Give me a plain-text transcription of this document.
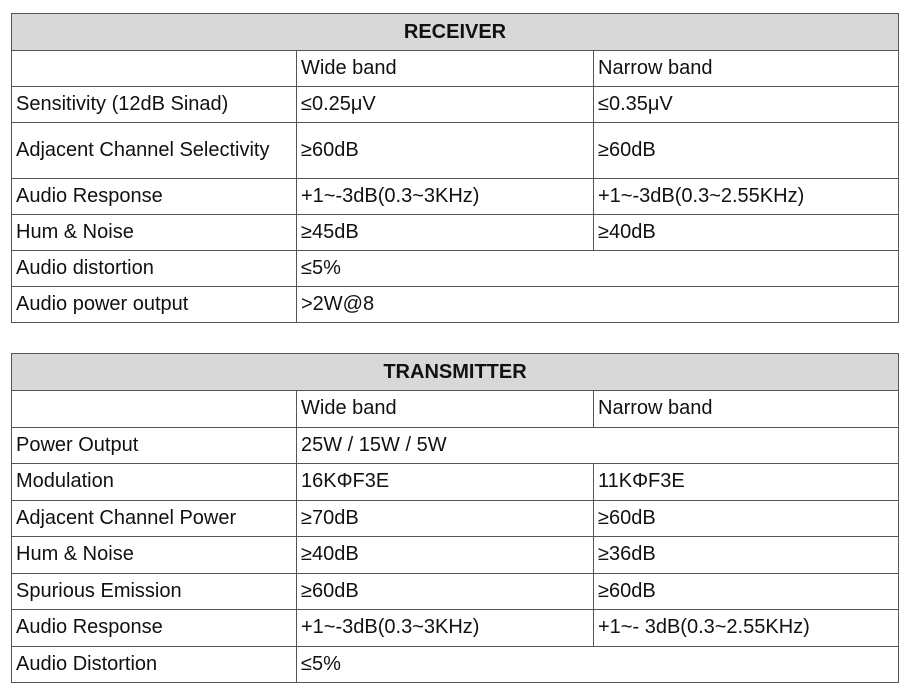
RECEIVER		
	Wide band	Narrow band
Sensitivity (12dB Sinad)	≤0.25μV	≤0.35μV
Adjacent Channel Selectivity	≥60dB	≥60dB
Audio Response	+1~-3dB(0.3~3KHz)	+1~-3dB(0.3~2.55KHz)
Hum & Noise	≥45dB	≥40dB
Audio distortion	≤5%	
Audio power output	>2W@8	
TRANSMITTER		
	Wide band	Narrow band
Power Output	25W / 15W / 5W	
Modulation	16KΦF3E	11KΦF3E
Adjacent Channel Power	≥70dB	≥60dB
Hum & Noise	≥40dB	≥36dB
Spurious Emission	≥60dB	≥60dB
Audio Response	+1~-3dB(0.3~3KHz)	+1~- 3dB(0.3~2.55KHz)
Audio Distortion	≤5%	
